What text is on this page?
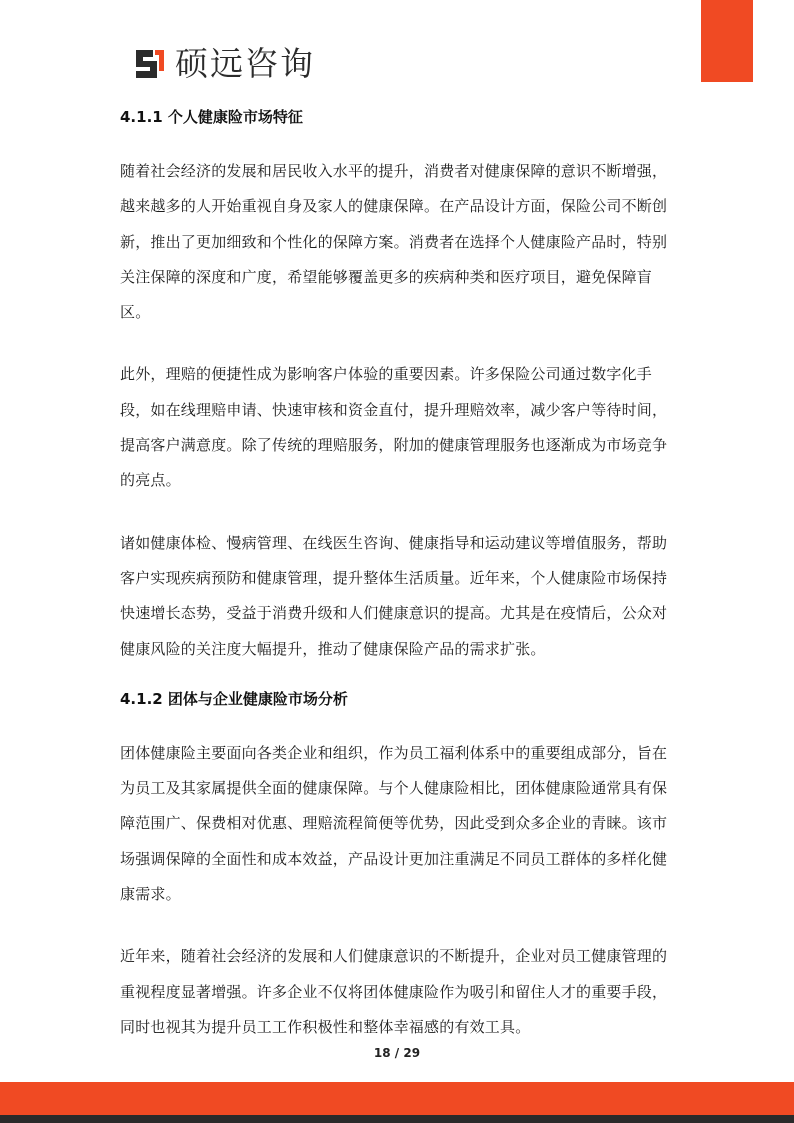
硕远咨询
4.1.1 个人健康险市场特征

随着社会经济的发展和居民收入水平的提升，消费者对健康保障的意识不断增强，越来越多的人开始重视自身及家人的健康保障。在产品设计方面，保险公司不断创新，推出了更加细致和个性化的保障方案。消费者在选择个人健康险产品时，特别关注保障的深度和广度，希望能够覆盖更多的疾病种类和医疗项目，避免保障盲区。

此外，理赔的便捷性成为影响客户体验的重要因素。许多保险公司通过数字化手段，如在线理赔申请、快速审核和资金直付，提升理赔效率，减少客户等待时间，提高客户满意度。除了传统的理赔服务，附加的健康管理服务也逐渐成为市场竞争的亮点。

诸如健康体检、慢病管理、在线医生咨询、健康指导和运动建议等增值服务，帮助客户实现疾病预防和健康管理，提升整体生活质量。近年来，个人健康险市场保持快速增长态势，受益于消费升级和人们健康意识的提高。尤其是在疫情后，公众对健康风险的关注度大幅提升，推动了健康保险产品的需求扩张。

4.1.2 团体与企业健康险市场分析

团体健康险主要面向各类企业和组织，作为员工福利体系中的重要组成部分，旨在为员工及其家属提供全面的健康保障。与个人健康险相比，团体健康险通常具有保障范围广、保费相对优惠、理赔流程简便等优势，因此受到众多企业的青睐。该市场强调保障的全面性和成本效益，产品设计更加注重满足不同员工群体的多样化健康需求。

近年来，随着社会经济的发展和人们健康意识的不断提升，企业对员工健康管理的重视程度显著增强。许多企业不仅将团体健康险作为吸引和留住人才的重要手段，同时也视其为提升员工工作积极性和整体幸福感的有效工具。

18 / 29
